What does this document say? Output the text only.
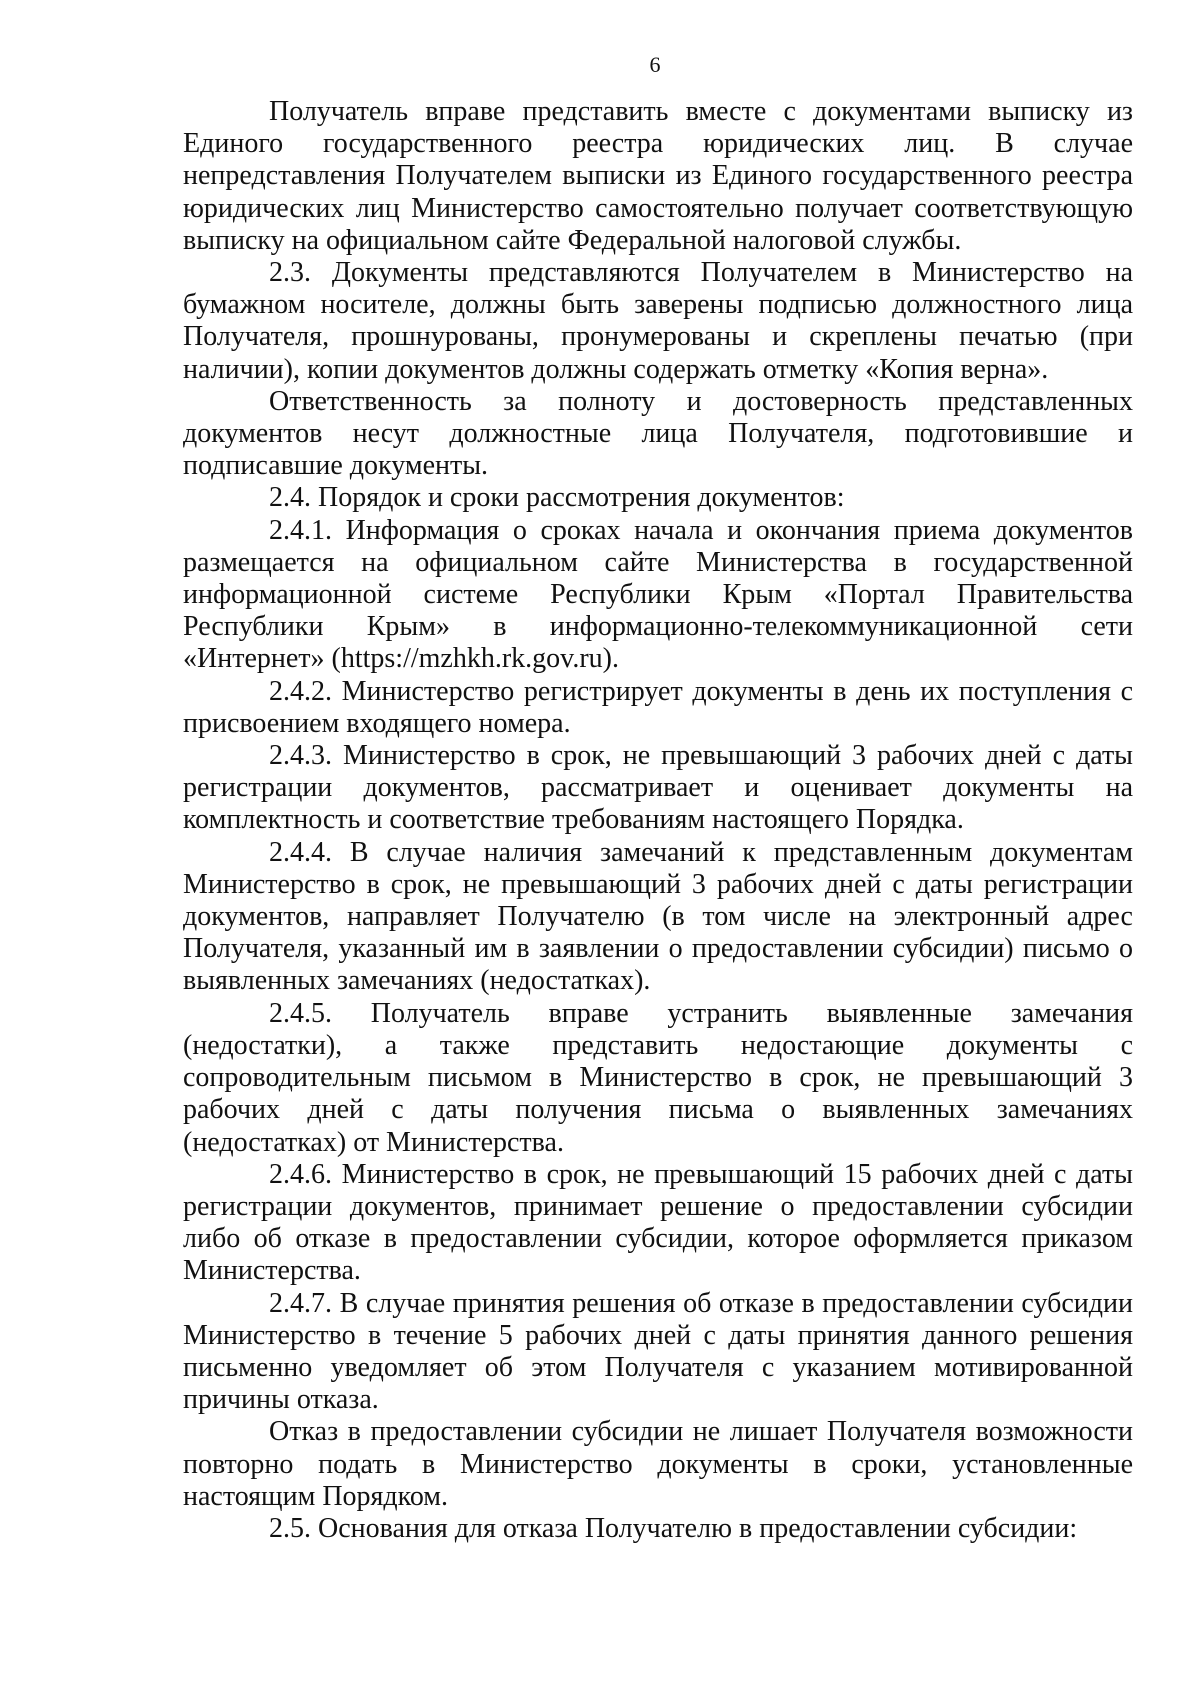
6

Получатель вправе представить вместе с документами выписку из Единого государственного реестра юридических лиц. В случае непредставления Получателем выписки из Единого государственного реестра юридических лиц Министерство самостоятельно получает соответствующую выписку на официальном сайте Федеральной налоговой службы.

2.3. Документы представляются Получателем в Министерство на бумажном носителе, должны быть заверены подписью должностного лица Получателя, прошнурованы, пронумерованы и скреплены печатью (при наличии), копии документов должны содержать отметку «Копия верна».

Ответственность за полноту и достоверность представленных документов несут должностные лица Получателя, подготовившие и подписавшие документы.

2.4. Порядок и сроки рассмотрения документов:

2.4.1. Информация о сроках начала и окончания приема документов размещается на официальном сайте Министерства в государственной информационной системе Республики Крым «Портал Правительства Республики Крым» в информационно-телекоммуникационной сети «Интернет» (https://mzhkh.rk.gov.ru).

2.4.2. Министерство регистрирует документы в день их поступления с присвоением входящего номера.

2.4.3. Министерство в срок, не превышающий 3 рабочих дней с даты регистрации документов, рассматривает и оценивает документы на комплектность и соответствие требованиям настоящего Порядка.

2.4.4. В случае наличия замечаний к представленным документам Министерство в срок, не превышающий 3 рабочих дней с даты регистрации документов, направляет Получателю (в том числе на электронный адрес Получателя, указанный им в заявлении о предоставлении субсидии) письмо о выявленных замечаниях (недостатках).

2.4.5. Получатель вправе устранить выявленные замечания (недостатки), а также представить недостающие документы с сопроводительным письмом в Министерство в срок, не превышающий 3 рабочих дней с даты получения письма о выявленных замечаниях (недостатках) от Министерства.

2.4.6. Министерство в срок, не превышающий 15 рабочих дней с даты регистрации документов, принимает решение о предоставлении субсидии либо об отказе в предоставлении субсидии, которое оформляется приказом Министерства.

2.4.7. В случае принятия решения об отказе в предоставлении субсидии Министерство в течение 5 рабочих дней с даты принятия данного решения письменно уведомляет об этом Получателя с указанием мотивированной причины отказа.

Отказ в предоставлении субсидии не лишает Получателя возможности повторно подать в Министерство документы в сроки, установленные настоящим Порядком.

2.5. Основания для отказа Получателю в предоставлении субсидии:
